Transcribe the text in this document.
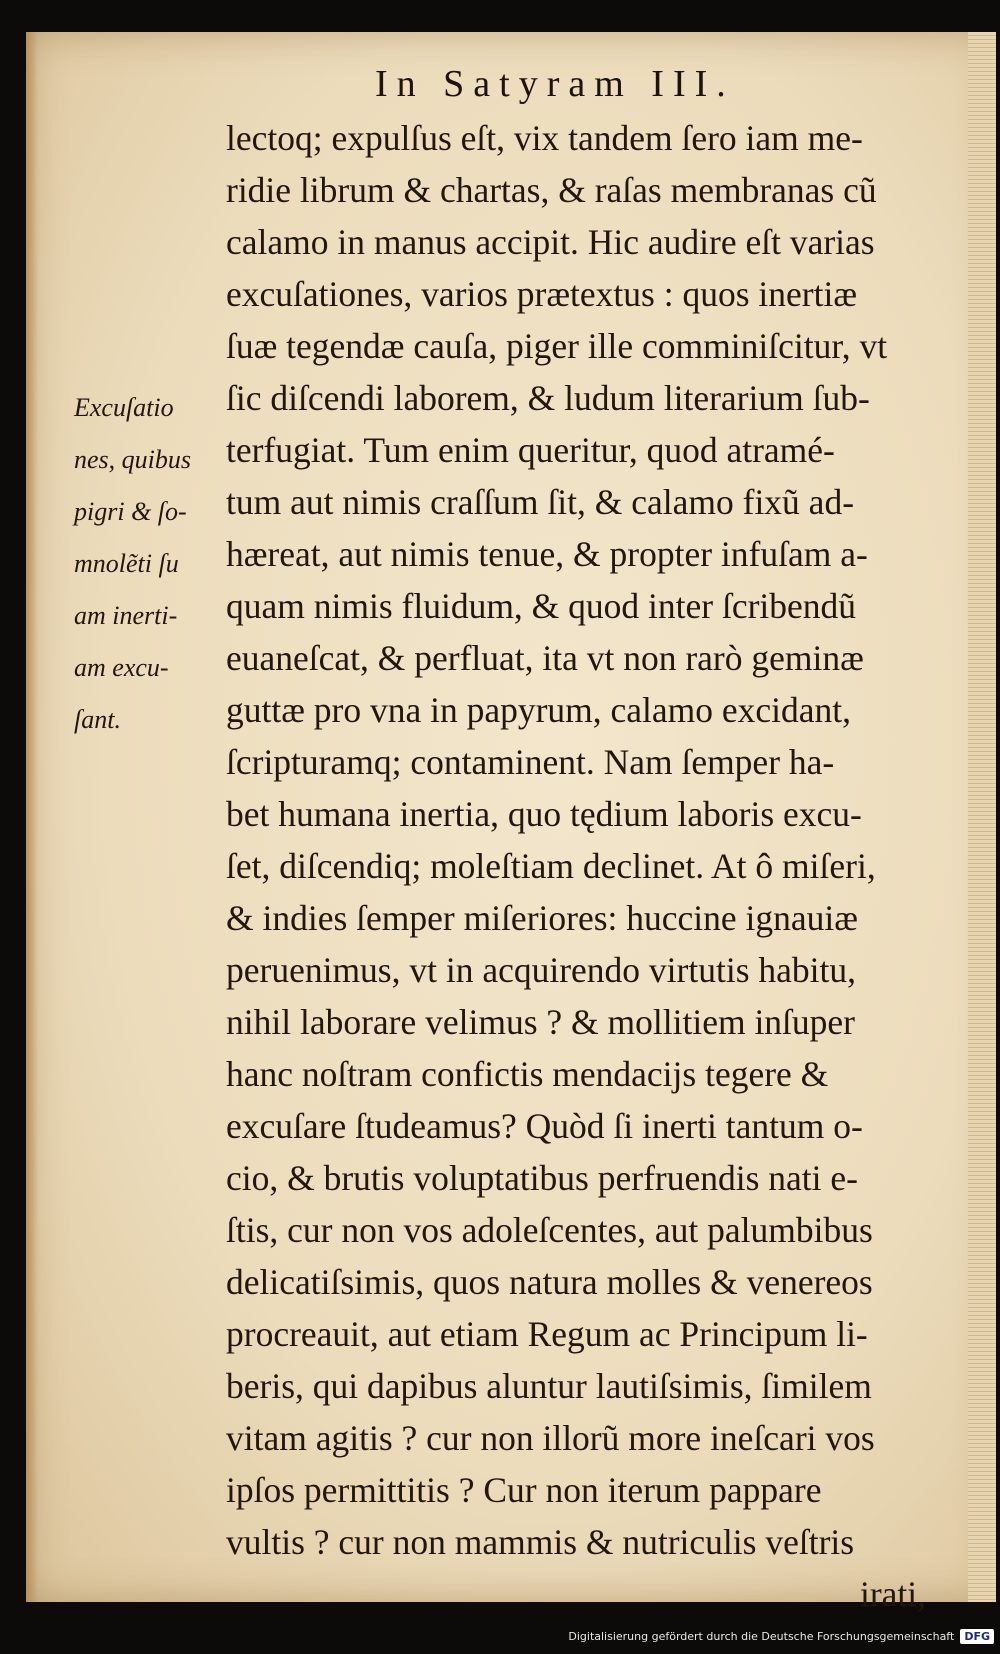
In Satyram III.
Excuſatio
nes, quibus
pigri & ſo-
mnolẽti ſu
am inerti-
am excu-
ſant.
lectoq; expulſus eſt, vix tandem ſero iam me-
ridie librum & chartas, & raſas membranas cũ
calamo in manus accipit. Hic audire eſt varias
excuſationes, varios prætextus : quos inertiæ
ſuæ tegendæ cauſa, piger ille comminiſcitur, vt
ſic diſcendi laborem, & ludum literarium ſub-
terfugiat. Tum enim queritur, quod atramé-
tum aut nimis craſſum ſit, & calamo fixũ ad-
hæreat, aut nimis tenue, & propter infuſam a-
quam nimis fluidum, & quod inter ſcribendũ
euaneſcat, & perfluat, ita vt non rarò geminæ
guttæ pro vna in papyrum, calamo excidant,
ſcripturamq; contaminent. Nam ſemper ha-
bet humana inertia, quo tędium laboris excu-
ſet, diſcendiq; moleſtiam declinet. At ô miſeri,
& indies ſemper miſeriores: huccine ignauiæ
peruenimus, vt in acquirendo virtutis habitu,
nihil laborare velimus ? & mollitiem inſuper
hanc noſtram confictis mendacijs tegere &
excuſare ſtudeamus? Quòd ſi inerti tantum o-
cio, & brutis voluptatibus perfruendis nati e-
ſtis, cur non vos adoleſcentes, aut palumbibus
delicatiſsimis, quos natura molles & venereos
procreauit, aut etiam Regum ac Principum li-
beris, qui dapibus aluntur lautiſsimis, ſimilem
vitam agitis ? cur non illorũ more ineſcari vos
ipſos permittitis ? Cur non iterum pappare
vultis ? cur non mammis & nutriculis veſtris
irati,
Digitalisierung gefördert durch die Deutsche Forschungsgemeinschaft DFG
